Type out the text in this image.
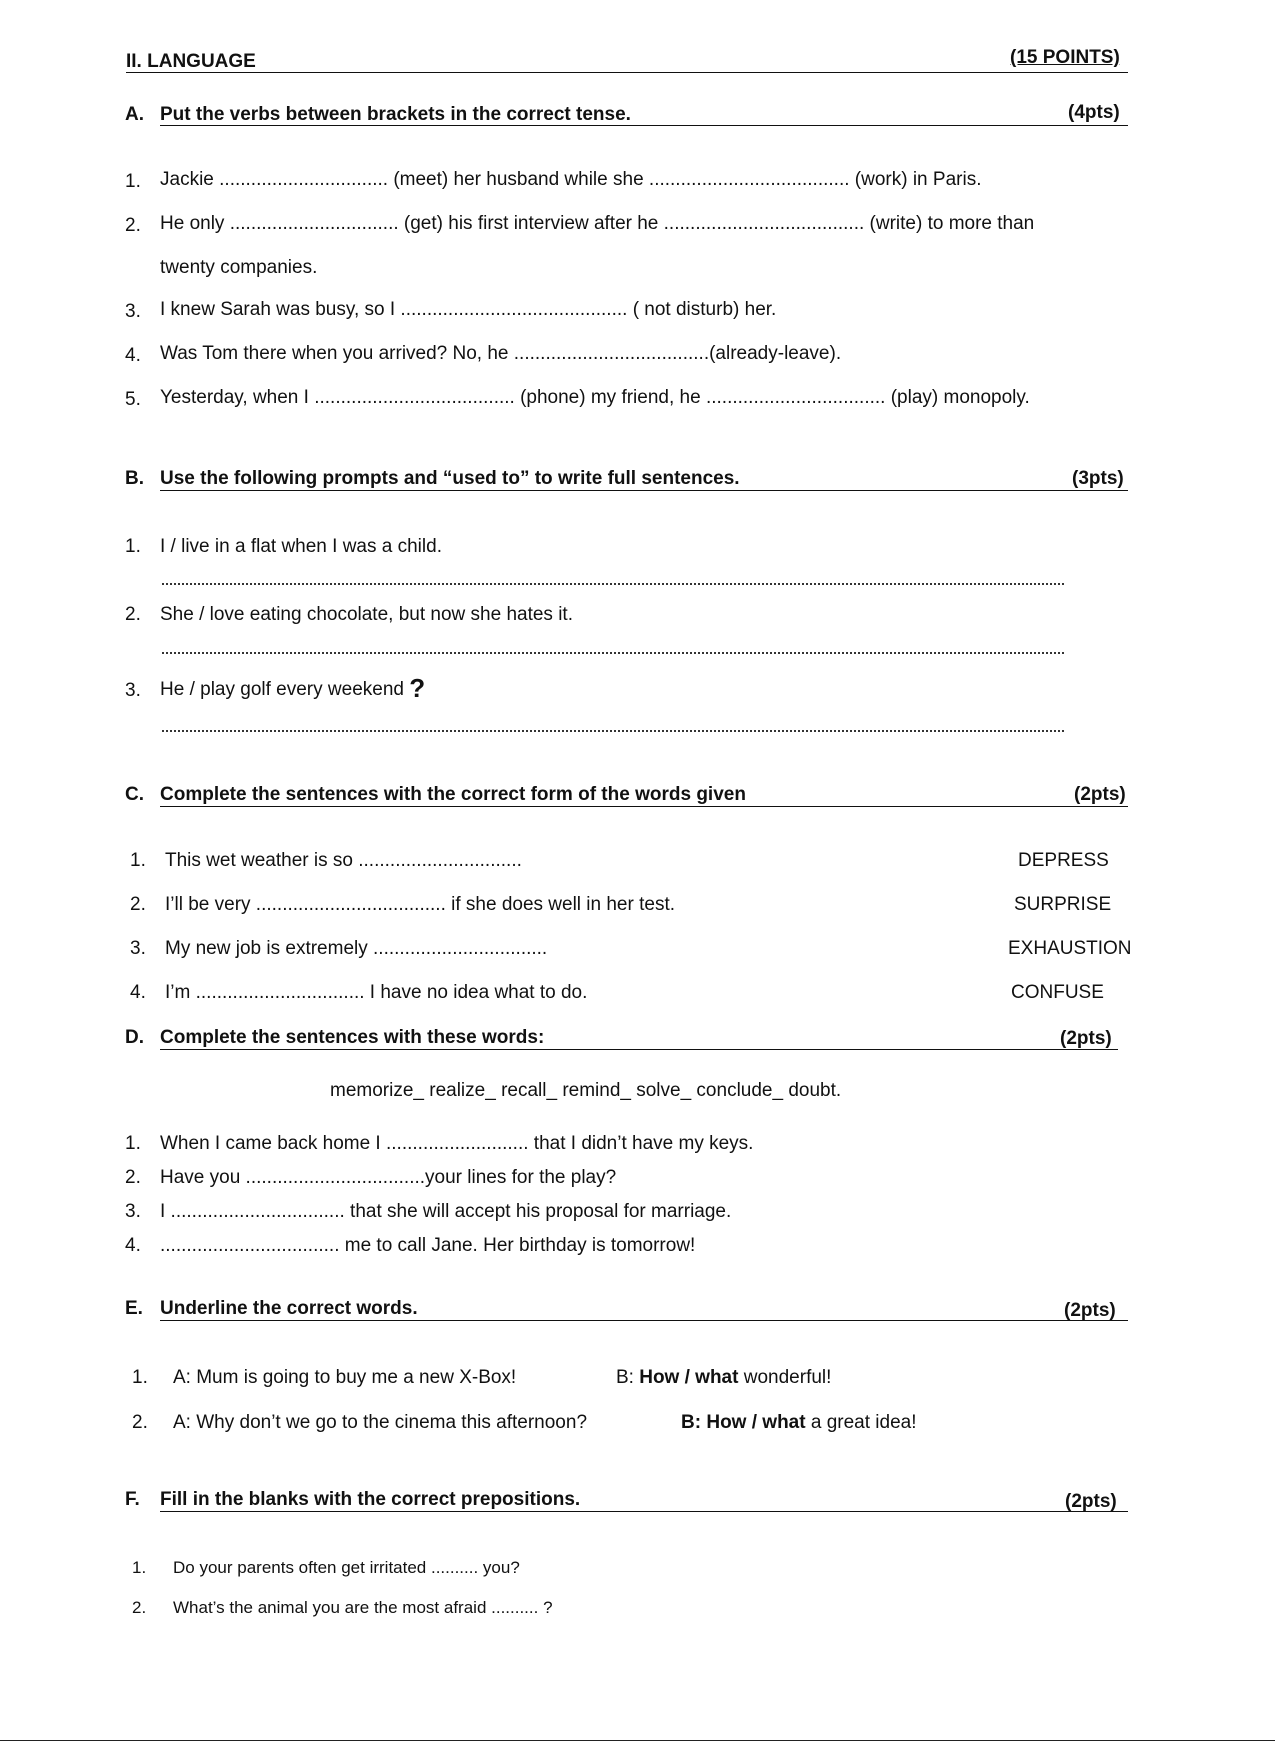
II. LANGUAGE	(15 POINTS)
A. Put the verbs between brackets in the correct tense.	(4pts)
1. Jackie ................................ (meet) her husband while she ...................................... (work) in Paris.
2. He only ................................ (get) his first interview after he ...................................... (write) to more than
twenty companies.
3. I knew Sarah was busy, so I ........................................... ( not disturb) her.
4. Was Tom there when you arrived? No, he .....................................(already-leave).
5. Yesterday, when I ...................................... (phone) my friend, he .................................. (play) monopoly.
B. Use the following prompts and “used to” to write full sentences.	(3pts)
1. I / live in a flat when I was a child.
2. She / love eating chocolate, but now she hates it.
3. He / play golf every weekend ?
C. Complete the sentences with the correct form of the words given	(2pts)
1. This wet weather is so ...............................	DEPRESS
2. I’ll be very .................................... if she does well in her test.	SURPRISE
3. My new job is extremely .................................	EXHAUSTION
4. I’m ................................ I have no idea what to do.	CONFUSE
D. Complete the sentences with these words:	(2pts)
memorize_ realize_ recall_ remind_ solve_ conclude_ doubt.
1. When I came back home I ........................... that I didn’t have my keys.
2. Have you ..................................your lines for the play?
3. I ................................. that she will accept his proposal for marriage.
4. .................................. me to call Jane. Her birthday is tomorrow!
E. Underline the correct words.	(2pts)
1. A: Mum is going to buy me a new X-Box!	B: How / what wonderful!
2. A: Why don’t we go to the cinema this afternoon?	B: How / what a great idea!
F. Fill in the blanks with the correct prepositions.	(2pts)
1. Do your parents often get irritated .......... you?
2. What’s the animal you are the most afraid .......... ?
